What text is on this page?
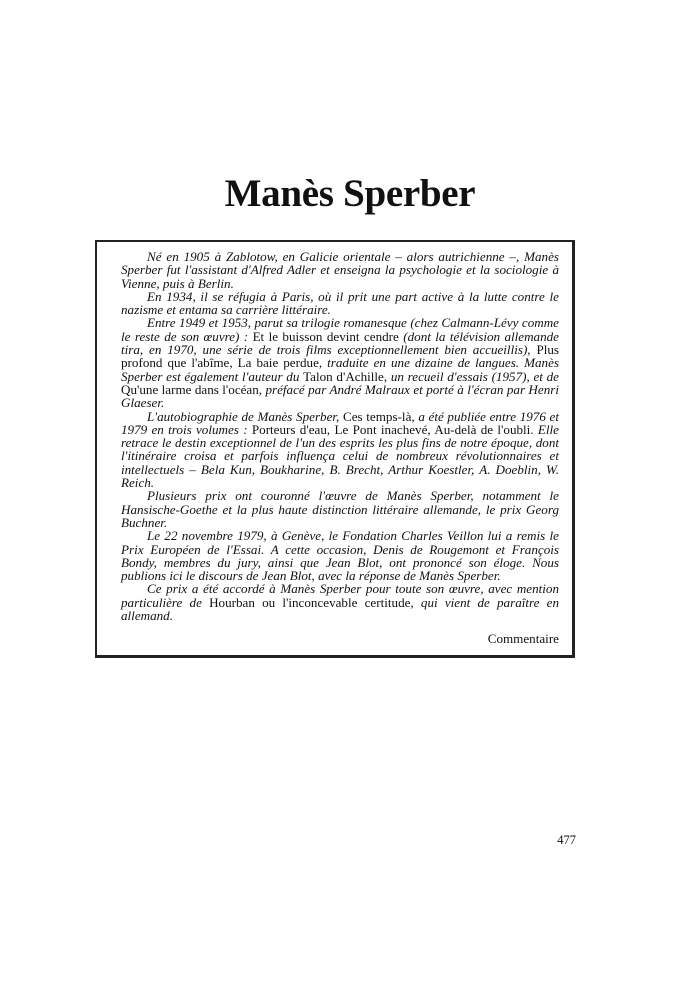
Manès Sperber

Né en 1905 à Zablotow, en Galicie orientale – alors autrichienne –, Manès Sperber fut l'assistant d'Alfred Adler et enseigna la psychologie et la sociologie à Vienne, puis à Berlin.

En 1934, il se réfugia à Paris, où il prit une part active à la lutte contre le nazisme et entama sa carrière littéraire.

Entre 1949 et 1953, parut sa trilogie romanesque (chez Calmann-Lévy comme le reste de son œuvre) : Et le buisson devint cendre (dont la télévision allemande tira, en 1970, une série de trois films exceptionnellement bien accueillis), Plus profond que l'abîme, La baie perdue, traduite en une dizaine de langues. Manès Sperber est également l'auteur du Talon d'Achille, un recueil d'essais (1957), et de Qu'une larme dans l'océan, préfacé par André Malraux et porté à l'écran par Henri Glaeser.

L'autobiographie de Manès Sperber, Ces temps-là, a été publiée entre 1976 et 1979 en trois volumes : Porteurs d'eau, Le Pont inachevé, Au-delà de l'oubli. Elle retrace le destin exceptionnel de l'un des esprits les plus fins de notre époque, dont l'itinéraire croisa et parfois influença celui de nombreux révolutionnaires et intellectuels – Bela Kun, Boukharine, B. Brecht, Arthur Koestler, A. Doeblin, W. Reich.

Plusieurs prix ont couronné l'œuvre de Manès Sperber, notamment le Hansische-Goethe et la plus haute distinction littéraire allemande, le prix Georg Buchner.

Le 22 novembre 1979, à Genève, le Fondation Charles Veillon lui a remis le Prix Européen de l'Essai. A cette occasion, Denis de Rougemont et François Bondy, membres du jury, ainsi que Jean Blot, ont prononcé son éloge. Nous publions ici le discours de Jean Blot, avec la réponse de Manès Sperber.

Ce prix a été accordé à Manès Sperber pour toute son œuvre, avec mention particulière de Hourban ou l'inconcevable certitude, qui vient de paraître en allemand.

Commentaire
477
